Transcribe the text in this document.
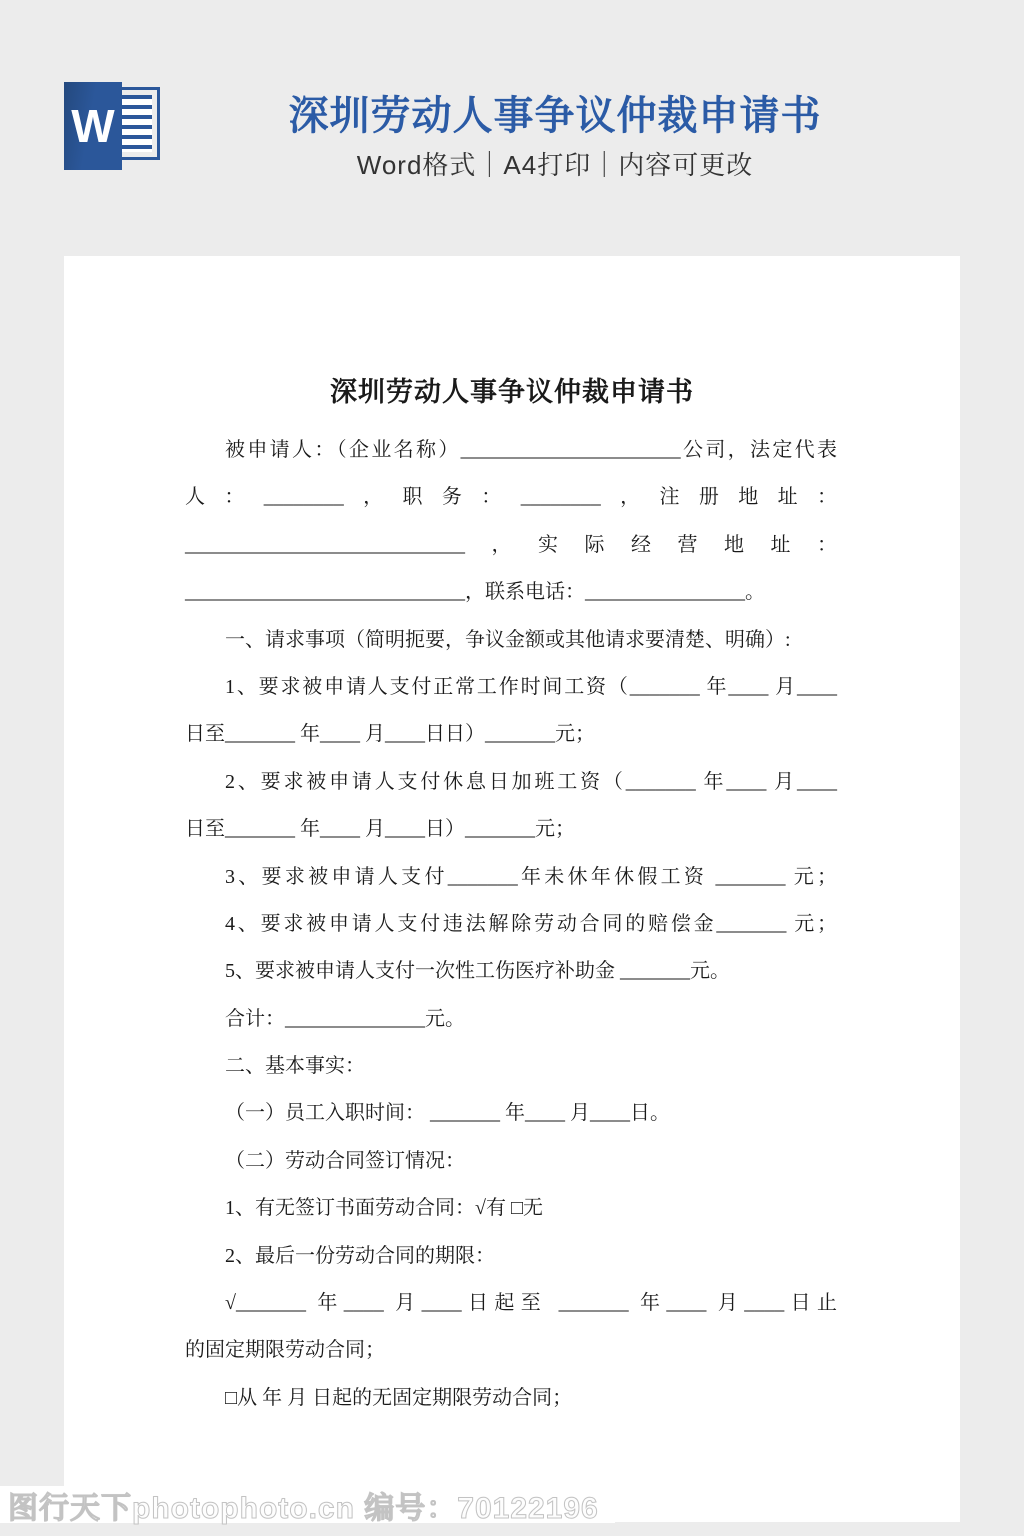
W	深圳劳动人事争议仲裁申请书

Word格式｜A4打印｜内容可更改

深圳劳动人事争议仲裁申请书
被申请人：（企业名称）______________________公司，法定代表
人：________，职务：________，注册地址：
____________________________，实际经营地址：
____________________________，联系电话：________________。
一、请求事项（简明扼要，争议金额或其他请求要清楚、明确）:
1、要求被申请人支付正常工作时间工资（_______ 年____ 月____
日至_______ 年____ 月____日日）_______元；
2、要求被申请人支付休息日加班工资（_______ 年____ 月____
日至_______ 年____ 月____日）_______元；
3、要求被申请人支付_______年未休年休假工资 _______ 元；
4、要求被申请人支付违法解除劳动合同的赔偿金_______ 元；
5、要求被申请人支付一次性工伤医疗补助金 _______元。
合计：______________元。
二、基本事实：
（一）员工入职时间： _______ 年____ 月____日。
（二）劳动合同签订情况：
1、有无签订书面劳动合同：√有 □无
2、最后一份劳动合同的期限：
√_______ 年____ 月____日起至 _______ 年____ 月____日止
的固定期限劳动合同；
□从 年 月 日起的无固定期限劳动合同；
图行天下photophoto.cn 编号：70122196
